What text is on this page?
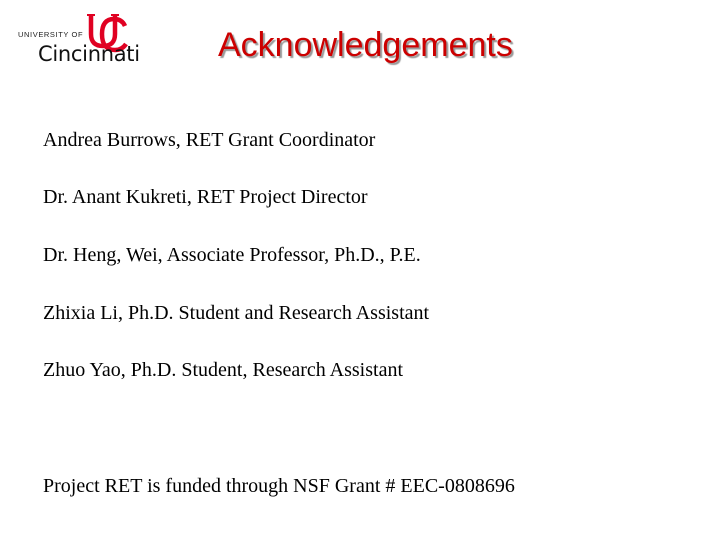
UNIVERSITY OF
Cincinnati Acknowledgements
Andrea Burrows, RET Grant Coordinator
Dr. Anant Kukreti, RET Project Director
Dr. Heng, Wei, Associate Professor, Ph.D., P.E.
Zhixia Li, Ph.D. Student and Research Assistant
Zhuo Yao, Ph.D. Student, Research Assistant

Project RET is funded through NSF Grant # EEC-0808696
